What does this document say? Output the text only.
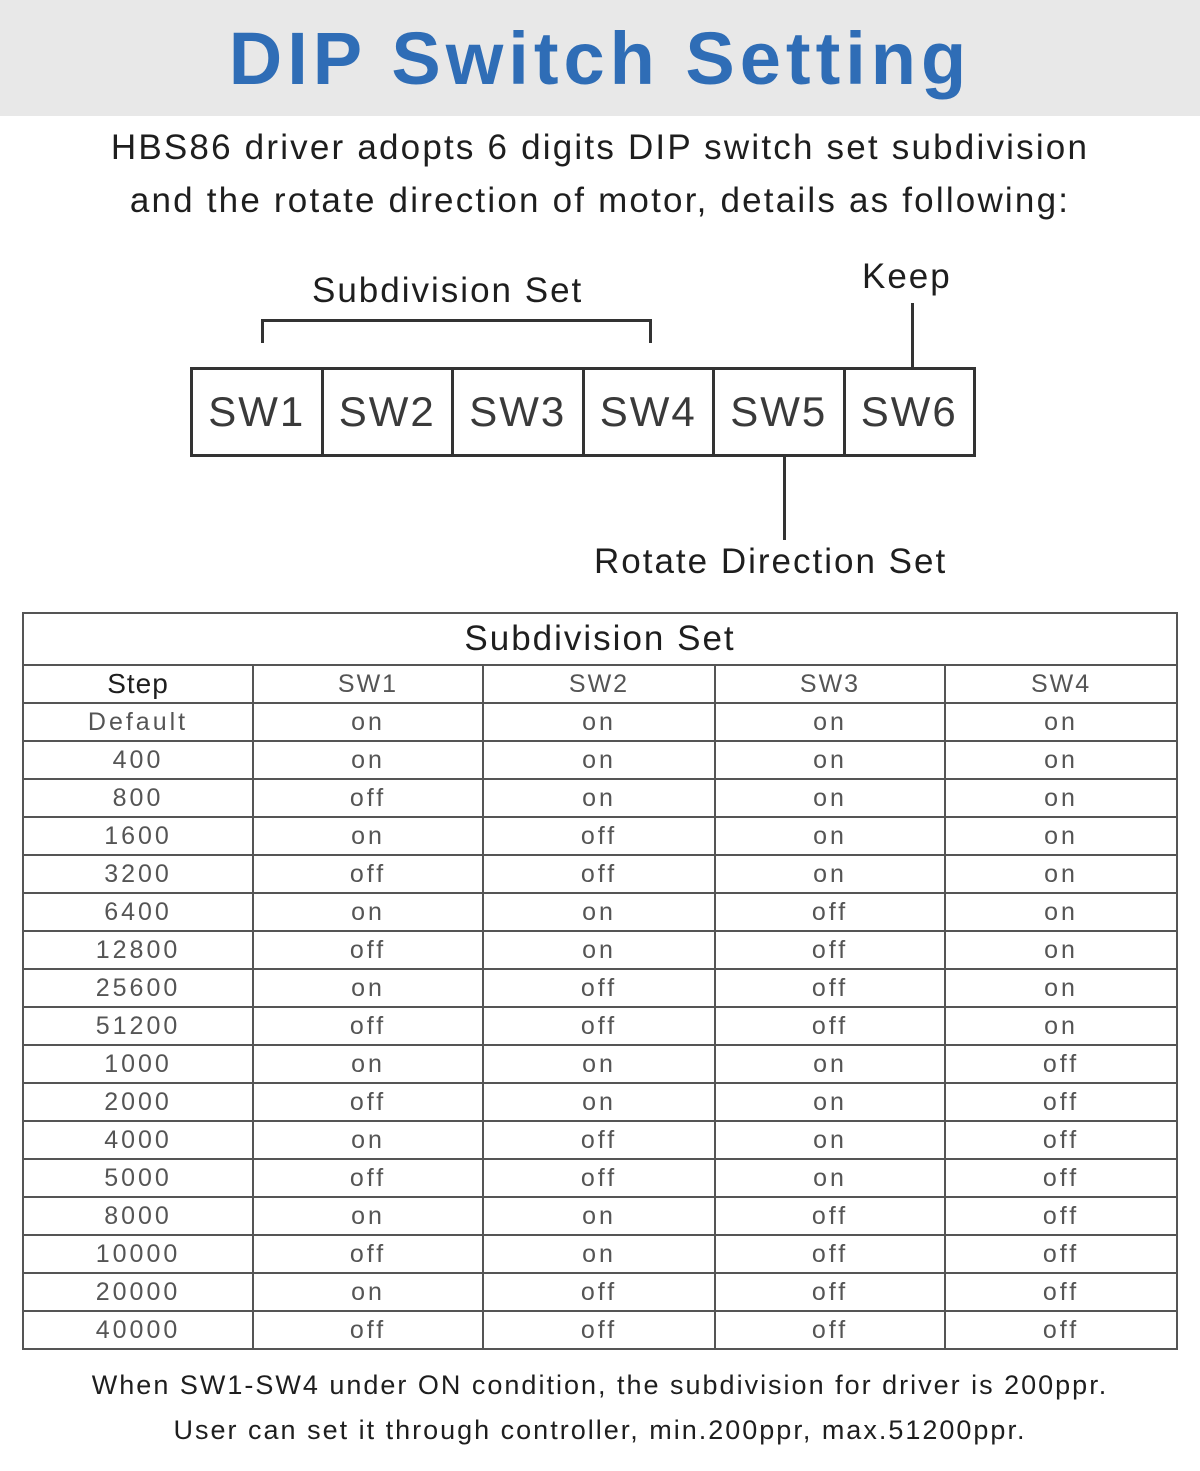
DIP Switch Setting
HBS86 driver adopts 6 digits DIP switch set subdivision
and the rotate direction of motor, details as following:
Subdivision Set	Keep
Rotate Direction Set
SW1 SW2 SW3 SW4 SW5 SW6
Subdivision Set				
Step	SW1	SW2	SW3	SW4
Default	on	on	on	on
400	on	on	on	on
800	off	on	on	on
1600	on	off	on	on
3200	off	off	on	on
6400	on	on	off	on
12800	off	on	off	on
25600	on	off	off	on
51200	off	off	off	on
1000	on	on	on	off
2000	off	on	on	off
4000	on	off	on	off
5000	off	off	on	off
8000	on	on	off	off
10000	off	on	off	off
20000	on	off	off	off
40000	off	off	off	off
When SW1-SW4 under ON condition, the subdivision for driver is 200ppr.
User can set it through controller, min.200ppr, max.51200ppr.
